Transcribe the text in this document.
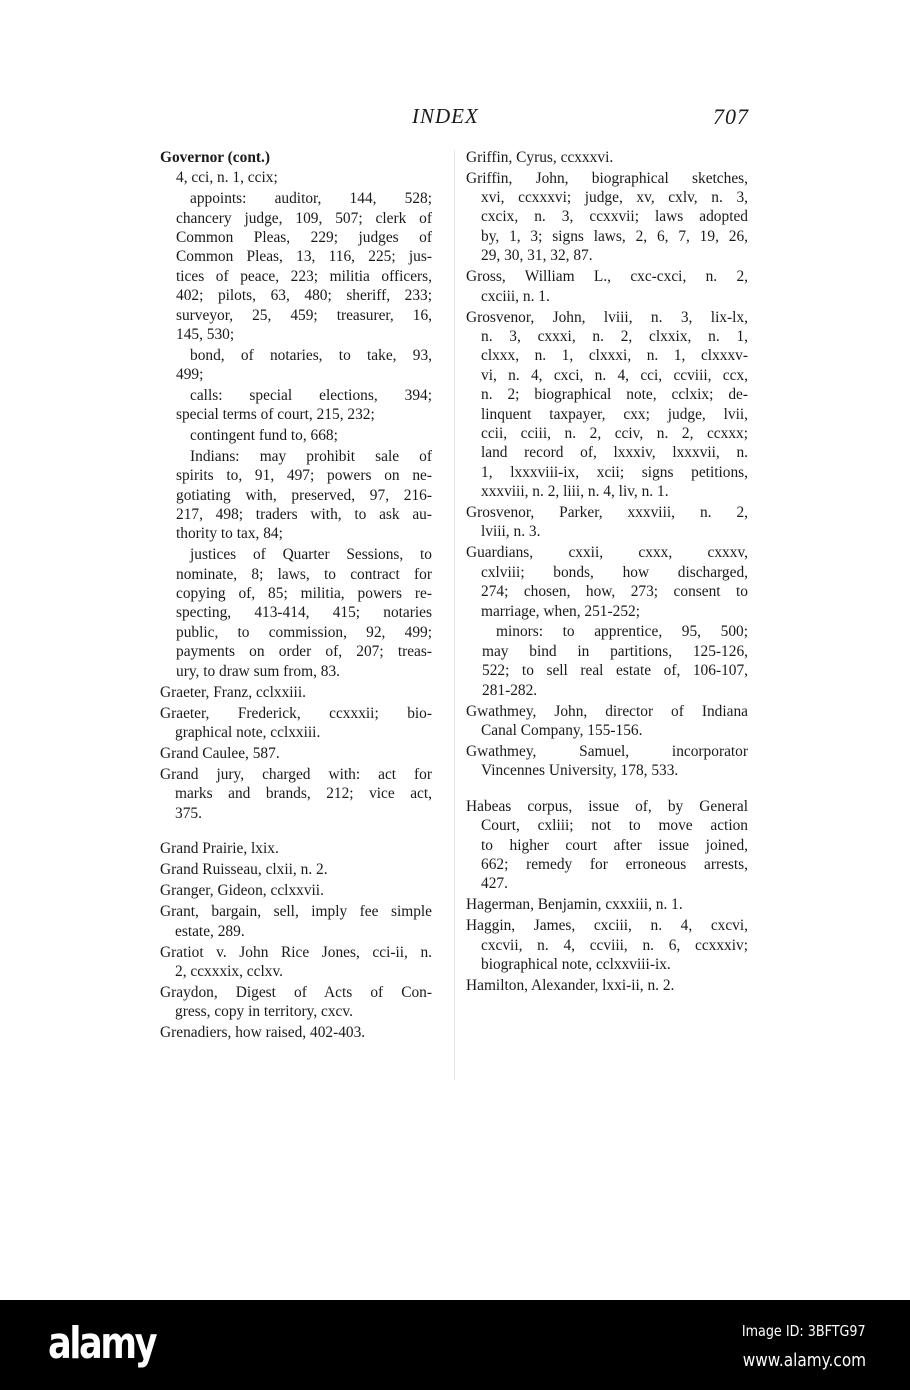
INDEX	707
Governor (cont.)
4, cci, n. 1, ccix;
appoints: auditor, 144, 528;
chancery judge, 109, 507; clerk of
Common Pleas, 229; judges of
Common Pleas, 13, 116, 225; jus-
tices of peace, 223; militia officers,
402; pilots, 63, 480; sheriff, 233;
surveyor, 25, 459; treasurer, 16,
145, 530;
bond, of notaries, to take, 93,
499;
calls: special elections, 394;
special terms of court, 215, 232;
contingent fund to, 668;
Indians: may prohibit sale of
spirits to, 91, 497; powers on ne-
gotiating with, preserved, 97, 216-
217, 498; traders with, to ask au-
thority to tax, 84;
justices of Quarter Sessions, to
nominate, 8; laws, to contract for
copying of, 85; militia, powers re-
specting, 413-414, 415; notaries
public, to commission, 92, 499;
payments on order of, 207; treas-
ury, to draw sum from, 83.
Graeter, Franz, cclxxiii.
Graeter, Frederick, ccxxxii; bio-
graphical note, cclxxiii.
Grand Caulee, 587.
Grand jury, charged with: act for
marks and brands, 212; vice act,
375.
Grand Prairie, lxix.
Grand Ruisseau, clxii, n. 2.
Granger, Gideon, cclxxvii.
Grant, bargain, sell, imply fee simple
estate, 289.
Gratiot v. John Rice Jones, cci-ii, n.
2, ccxxxix, cclxv.
Graydon, Digest of Acts of Con-
gress, copy in territory, cxcv.
Grenadiers, how raised, 402-403.
Griffin, Cyrus, ccxxxvi.
Griffin, John, biographical sketches,
xvi, ccxxxvi; judge, xv, cxlv, n. 3,
cxcix, n. 3, ccxxvii; laws adopted
by, 1, 3; signs laws, 2, 6, 7, 19, 26,
29, 30, 31, 32, 87.
Gross, William L., cxc-cxci, n. 2,
cxciii, n. 1.
Grosvenor, John, lviii, n. 3, lix-lx,
n. 3, cxxxi, n. 2, clxxix, n. 1,
clxxx, n. 1, clxxxi, n. 1, clxxxv-
vi, n. 4, cxci, n. 4, cci, ccviii, ccx,
n. 2; biographical note, cclxix; de-
linquent taxpayer, cxx; judge, lvii,
ccii, cciii, n. 2, cciv, n. 2, ccxxx;
land record of, lxxxiv, lxxxvii, n.
1, lxxxviii-ix, xcii; signs petitions,
xxxviii, n. 2, liii, n. 4, liv, n. 1.
Grosvenor, Parker, xxxviii, n. 2,
lviii, n. 3.
Guardians, cxxii, cxxx, cxxxv,
cxlviii; bonds, how discharged,
274; chosen, how, 273; consent to
marriage, when, 251-252;
minors: to apprentice, 95, 500;
may bind in partitions, 125-126,
522; to sell real estate of, 106-107,
281-282.
Gwathmey, John, director of Indiana
Canal Company, 155-156.
Gwathmey, Samuel, incorporator
Vincennes University, 178, 533.
Habeas corpus, issue of, by General
Court, cxliii; not to move action
to higher court after issue joined,
662; remedy for erroneous arrests,
427.
Hagerman, Benjamin, cxxxiii, n. 1.
Haggin, James, cxciii, n. 4, cxcvi,
cxcvii, n. 4, ccviii, n. 6, ccxxxiv;
biographical note, cclxxviii-ix.
Hamilton, Alexander, lxxi-ii, n. 2.
alamy	Image ID: 3BFTG97
www.alamy.com
